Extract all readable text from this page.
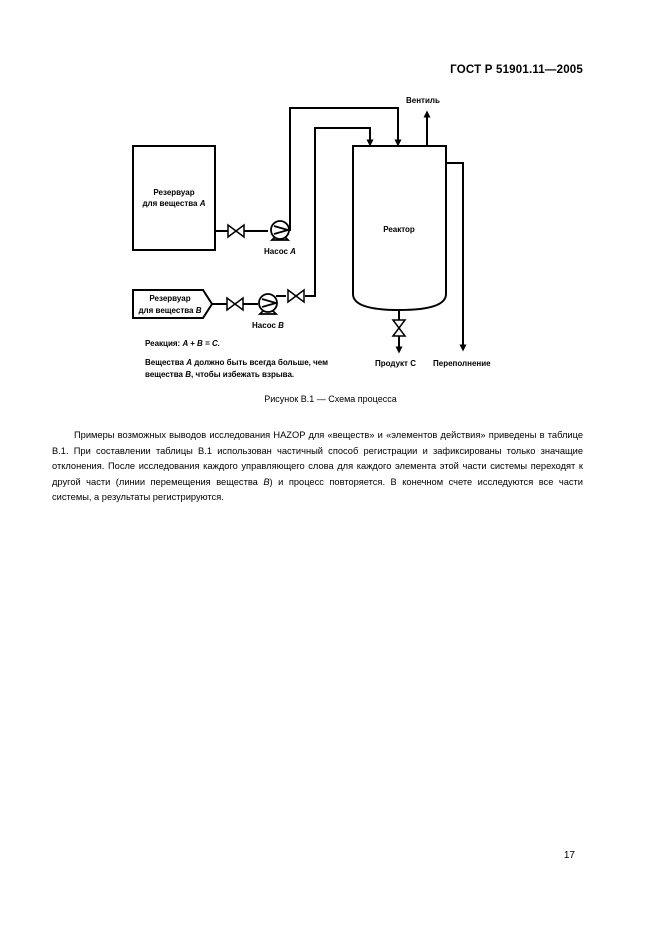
ГОСТ Р 51901.11—2005
Резервуар
для вещества A
Резервуар
для вещества B
Насос A
Насос B
Реактор
Вентиль
Переполнение
Продукт C
Реакция: A + B = C.
Вещества A должно быть всегда больше, чем
вещества B, чтобы избежать взрыва.
Рисунок В.1 — Схема процесса
Примеры возможных выводов исследования HAZOP для «веществ» и «элементов действия» приведены в таблице В.1. При составлении таблицы В.1 использован частичный способ регистрации и зафиксированы только значащие отклонения. После исследования каждого управляющего слова для каждого элемента этой части системы переходят к другой части (линии перемещения вещества B) и процесс повторяется. В конечном счете исследуются все части системы, а результаты регистрируются.
17
